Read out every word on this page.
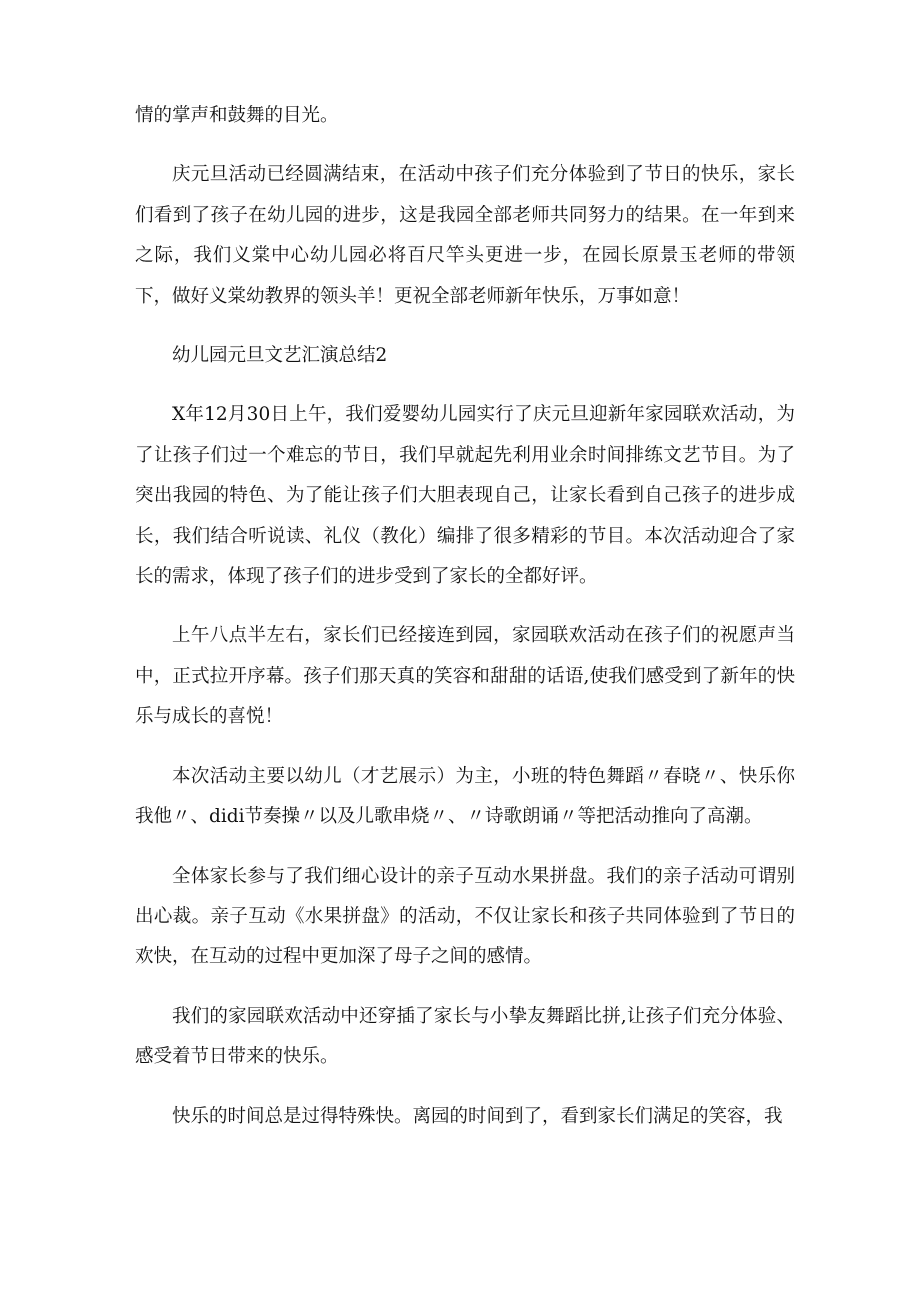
情的掌声和鼓舞的目光。

庆元旦活动已经圆满结束，在活动中孩子们充分体验到了节日的快乐，家长们看到了孩子在幼儿园的进步，这是我园全部老师共同努力的结果。在一年到来之际，我们义棠中心幼儿园必将百尺竿头更进一步，在园长原景玉老师的带领下，做好义棠幼教界的领头羊！更祝全部老师新年快乐，万事如意！

幼儿园元旦文艺汇演总结2

X年12月30日上午，我们爱婴幼儿园实行了庆元旦迎新年家园联欢活动，为了让孩子们过一个难忘的节日，我们早就起先利用业余时间排练文艺节目。为了突出我园的特色、为了能让孩子们大胆表现自己，让家长看到自己孩子的进步成长，我们结合听说读、礼仪（教化）编排了很多精彩的节目。本次活动迎合了家长的需求，体现了孩子们的进步受到了家长的全都好评。

上午八点半左右，家长们已经接连到园，家园联欢活动在孩子们的祝愿声当中，正式拉开序幕。孩子们那天真的笑容和甜甜的话语,使我们感受到了新年的快乐与成长的喜悦！

本次活动主要以幼儿（才艺展示）为主，小班的特色舞蹈〃春晓〃、快乐你我他〃、didi节奏操〃以及儿歌串烧〃、〃诗歌朗诵〃等把活动推向了高潮。

全体家长参与了我们细心设计的亲子互动水果拼盘。我们的亲子活动可谓别出心裁。亲子互动《水果拼盘》的活动，不仅让家长和孩子共同体验到了节日的欢快，在互动的过程中更加深了母子之间的感情。

我们的家园联欢活动中还穿插了家长与小挚友舞蹈比拼,让孩子们充分体验、感受着节日带来的快乐。

快乐的时间总是过得特殊快。离园的时间到了，看到家长们满足的笑容，我
